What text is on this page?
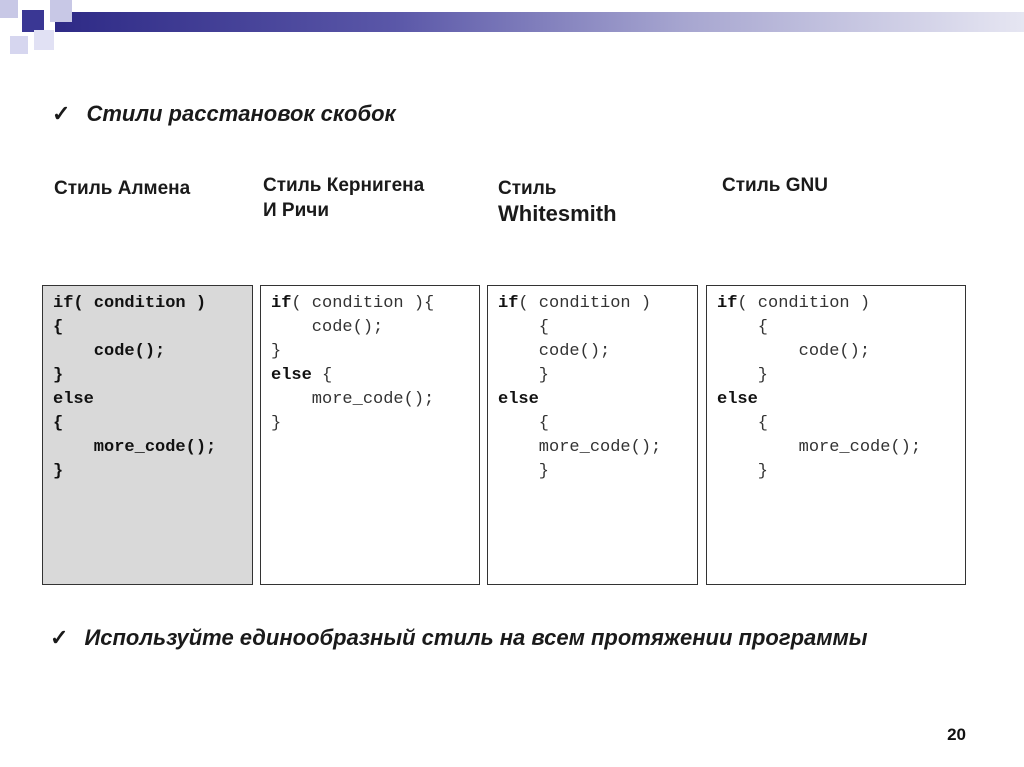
✓ Стили расстановок скобок
Стиль Алмена	Стиль Кернигена
И Ричи
Стиль
Whitesmith
Стиль GNU
if( condition )
{
code();
}
else
{
more_code();
}
if( condition ){
code();
}
else {
more_code();
}
if( condition )
{
code();
}
else
{
more_code();
}
if( condition )
{
code();
}
else
{
more_code();
}
✓ Используйте единообразный стиль на всем протяжении программы
20
